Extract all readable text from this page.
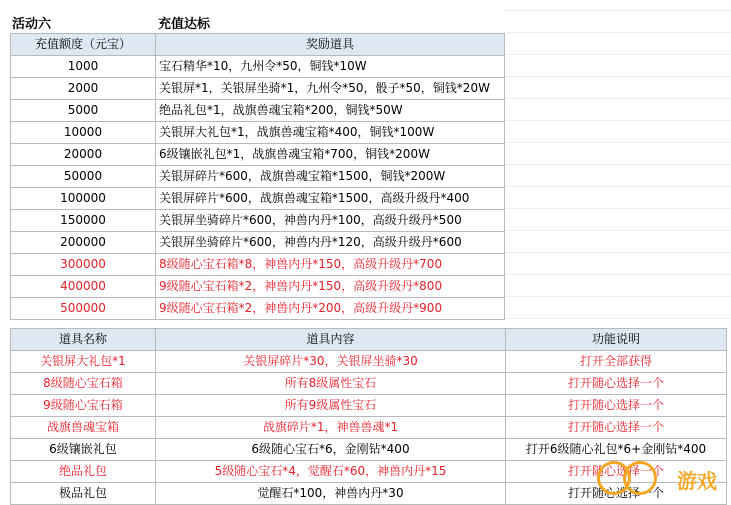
活动六	充值达标
充值额度（元宝）	奖励道具
1000	宝石精华*10，九州令*50，铜钱*10W
2000	关银屏*1，关银屏坐骑*1，九州令*50，骰子*50，铜钱*20W
5000	绝品礼包*1，战旗兽魂宝箱*200，铜钱*50W
10000	关银屏大礼包*1，战旗兽魂宝箱*400，铜钱*100W
20000	6级镶嵌礼包*1，战旗兽魂宝箱*700，铜钱*200W
50000	关银屏碎片*600，战旗兽魂宝箱*1500，铜钱*200W
100000	关银屏碎片*600，战旗兽魂宝箱*1500，高级升级丹*400
150000	关银屏坐骑碎片*600，神兽内丹*100，高级升级丹*500
200000	关银屏坐骑碎片*600，神兽内丹*120，高级升级丹*600
300000	8级随心宝石箱*8，神兽内丹*150，高级升级丹*700
400000	9级随心宝石箱*2，神兽内丹*150，高级升级丹*800
500000	9级随心宝石箱*2，神兽内丹*200，高级升级丹*900
道具名称	道具内容	功能说明
关银屏大礼包*1	关银屏碎片*30，关银屏坐骑*30	打开全部获得
8级随心宝石箱	所有8级属性宝石	打开随心选择一个
9级随心宝石箱	所有9级属性宝石	打开随心选择一个
战旗兽魂宝箱	战旗碎片*1，神兽兽魂*1	打开随心选择一个
6级镶嵌礼包	6级随心宝石*6，金刚钻*400	打开6级随心礼包*6+金刚钻*400
绝品礼包	5级随心宝石*4，觉醒石*60，神兽内丹*15	打开随心选择一个
极品礼包	觉醒石*100，神兽内丹*30	打开随心选择一个 游戏
